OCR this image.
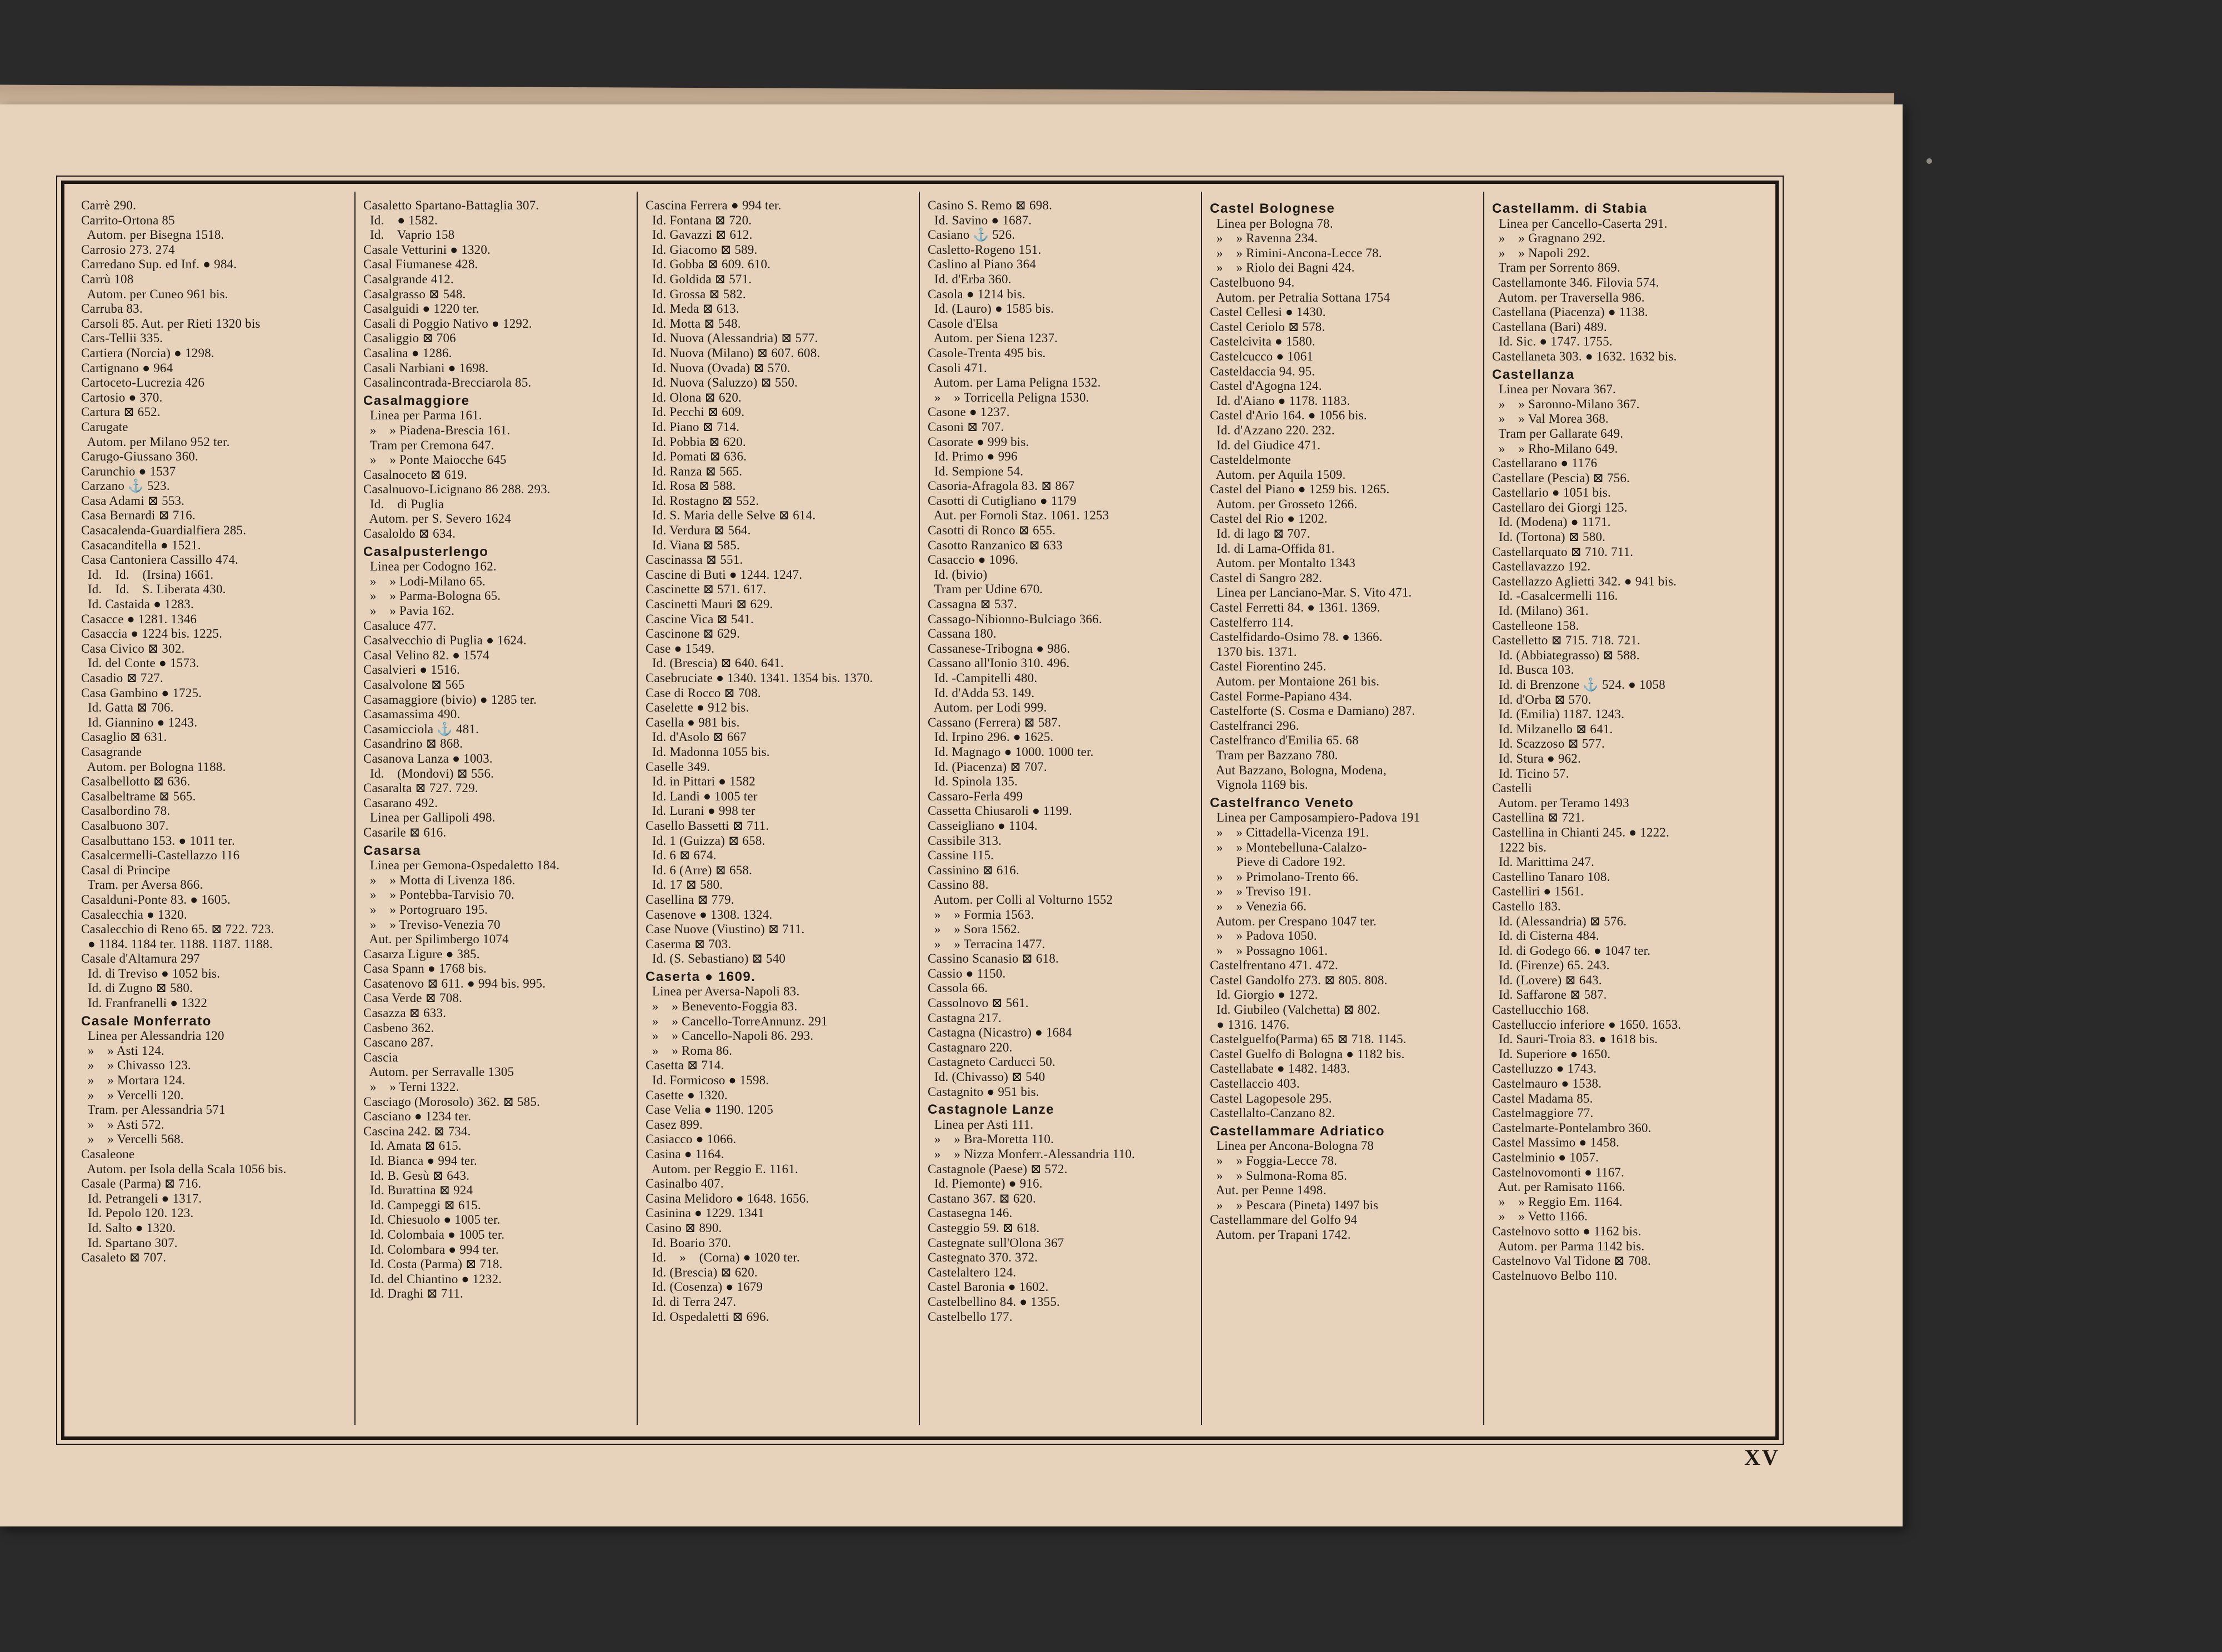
Carrè 290.
Carrito-Ortona 85
Autom. per Bisegna 1518.
Carrosio 273. 274
Carredano Sup. ed Inf. ● 984.
Carrù 108
Autom. per Cuneo 961 bis.
Carruba 83.
Carsoli 85. Aut. per Rieti 1320 bis
Cars-Tellii 335.
Cartiera (Norcia) ● 1298.
Cartignano ● 964
Cartoceto-Lucrezia 426
Cartosio ● 370.
Cartura ⊠ 652.
Carugate
Autom. per Milano 952 ter.
Carugo-Giussano 360.
Carunchio ● 1537
Carzano ⚓ 523.
Casa Adami ⊠ 553.
Casa Bernardi ⊠ 716.
Casacalenda-Guardialfiera 285.
Casacanditella ● 1521.
Casa Cantoniera Cassillo 474.
Id.    Id.    (Irsina) 1661.
Id.    Id.    S. Liberata 430.
Id. Castaida ● 1283.
Casacce ● 1281. 1346
Casaccia ● 1224 bis. 1225.
Casa Civico ⊠ 302.
Id. del Conte ● 1573.
Casadio ⊠ 727.
Casa Gambino ● 1725.
Id. Gatta ⊠ 706.
Id. Giannino ● 1243.
Casaglio ⊠ 631.
Casagrande
Autom. per Bologna 1188.
Casalbellotto ⊠ 636.
Casalbeltrame ⊠ 565.
Casalbordino 78.
Casalbuono 307.
Casalbuttano 153. ● 1011 ter.
Casalcermelli-Castellazzo 116
Casal di Principe
Tram. per Aversa 866.
Casalduni-Ponte 83. ● 1605.
Casalecchia ● 1320.
Casalecchio di Reno 65. ⊠ 722. 723.
● 1184. 1184 ter. 1188. 1187. 1188.
Casale d'Altamura 297
Id. di Treviso ● 1052 bis.
Id. di Zugno ⊠ 580.
Id. Franfranelli ● 1322
Casale Monferrato
Linea per Alessandria 120
»    » Asti 124.
»    » Chivasso 123.
»    » Mortara 124.
»    » Vercelli 120.
Tram. per Alessandria 571
»    » Asti 572.
»    » Vercelli 568.
Casaleone
Autom. per Isola della Scala 1056 bis.
Casale (Parma) ⊠ 716.
Id. Petrangeli ● 1317.
Id. Pepolo 120. 123.
Id. Salto ● 1320.
Id. Spartano 307.
Casaleto ⊠ 707.
Casaletto Spartano-Battaglia 307.
Id.    ● 1582.
Id.    Vaprio 158
Casale Vetturini ● 1320.
Casal Fiumanese 428.
Casalgrande 412.
Casalgrasso ⊠ 548.
Casalguidi ● 1220 ter.
Casali di Poggio Nativo ● 1292.
Casaliggio ⊠ 706
Casalina ● 1286.
Casali Narbiani ● 1698.
Casalincontrada-Brecciarola 85.
Casalmaggiore
Linea per Parma 161.
»    » Piadena-Brescia 161.
Tram per Cremona 647.
»    » Ponte Maiocche 645
Casalnoceto ⊠ 619.
Casalnuovo-Licignano 86 288. 293.
Id.    di Puglia
Autom. per S. Severo 1624
Casaloldo ⊠ 634.
Casalpusterlengo
Linea per Codogno 162.
»    » Lodi-Milano 65.
»    » Parma-Bologna 65.
»    » Pavia 162.
Casaluce 477.
Casalvecchio di Puglia ● 1624.
Casal Velino 82. ● 1574
Casalvieri ● 1516.
Casalvolone ⊠ 565
Casamaggiore (bivio) ● 1285 ter.
Casamassima 490.
Casamicciola ⚓ 481.
Casandrino ⊠ 868.
Casanova Lanza ● 1003.
Id.    (Mondovi) ⊠ 556.
Casaralta ⊠ 727. 729.
Casarano 492.
Linea per Gallipoli 498.
Casarile ⊠ 616.
Casarsa
Linea per Gemona-Ospedaletto 184.
»    » Motta di Livenza 186.
»    » Pontebba-Tarvisio 70.
»    » Portogruaro 195.
»    » Treviso-Venezia 70
Aut. per Spilimbergo 1074
Casarza Ligure ● 385.
Casa Spann ● 1768 bis.
Casatenovo ⊠ 611. ● 994 bis. 995.
Casa Verde ⊠ 708.
Casazza ⊠ 633.
Casbeno 362.
Cascano 287.
Cascia
Autom. per Serravalle 1305
»    » Terni 1322.
Casciago (Morosolo) 362. ⊠ 585.
Casciano ● 1234 ter.
Cascina 242. ⊠ 734.
Id. Amata ⊠ 615.
Id. Bianca ● 994 ter.
Id. B. Gesù ⊠ 643.
Id. Burattina ⊠ 924
Id. Campeggi ⊠ 615.
Id. Chiesuolo ● 1005 ter.
Id. Colombaia ● 1005 ter.
Id. Colombara ● 994 ter.
Id. Costa (Parma) ⊠ 718.
Id. del Chiantino ● 1232.
Id. Draghi ⊠ 711.
Cascina Ferrera ● 994 ter.
Id. Fontana ⊠ 720.
Id. Gavazzi ⊠ 612.
Id. Giacomo ⊠ 589.
Id. Gobba ⊠ 609. 610.
Id. Goldida ⊠ 571.
Id. Grossa ⊠ 582.
Id. Meda ⊠ 613.
Id. Motta ⊠ 548.
Id. Nuova (Alessandria) ⊠ 577.
Id. Nuova (Milano) ⊠ 607. 608.
Id. Nuova (Ovada) ⊠ 570.
Id. Nuova (Saluzzo) ⊠ 550.
Id. Olona ⊠ 620.
Id. Pecchi ⊠ 609.
Id. Piano ⊠ 714.
Id. Pobbia ⊠ 620.
Id. Pomati ⊠ 636.
Id. Ranza ⊠ 565.
Id. Rosa ⊠ 588.
Id. Rostagno ⊠ 552.
Id. S. Maria delle Selve ⊠ 614.
Id. Verdura ⊠ 564.
Id. Viana ⊠ 585.
Cascinassa ⊠ 551.
Cascine di Buti ● 1244. 1247.
Cascinette ⊠ 571. 617.
Cascinetti Mauri ⊠ 629.
Cascine Vica ⊠ 541.
Cascinone ⊠ 629.
Case ● 1549.
Id. (Brescia) ⊠ 640. 641.
Casebruciate ● 1340. 1341. 1354 bis. 1370.
Case di Rocco ⊠ 708.
Caselette ● 912 bis.
Casella ● 981 bis.
Id. d'Asolo ⊠ 667
Id. Madonna 1055 bis.
Caselle 349.
Id. in Pittari ● 1582
Id. Landi ● 1005 ter
Id. Lurani ● 998 ter
Casello Bassetti ⊠ 711.
Id. 1 (Guizza) ⊠ 658.
Id. 6 ⊠ 674.
Id. 6 (Arre) ⊠ 658.
Id. 17 ⊠ 580.
Casellina ⊠ 779.
Casenove ● 1308. 1324.
Case Nuove (Viustino) ⊠ 711.
Caserma ⊠ 703.
Id. (S. Sebastiano) ⊠ 540
Caserta ● 1609.
Linea per Aversa-Napoli 83.
»    » Benevento-Foggia 83.
»    » Cancello-TorreAnnunz. 291
»    » Cancello-Napoli 86. 293.
»    » Roma 86.
Casetta ⊠ 714.
Id. Formicoso ● 1598.
Casette ● 1320.
Case Velia ● 1190. 1205
Casez 899.
Casiacco ● 1066.
Casina ● 1164.
Autom. per Reggio E. 1161.
Casinalbo 407.
Casina Melidoro ● 1648. 1656.
Casinina ● 1229. 1341
Casino ⊠ 890.
Id. Boario 370.
Id.    »    (Corna) ● 1020 ter.
Id. (Brescia) ⊠ 620.
Id. (Cosenza) ● 1679
Id. di Terra 247.
Id. Ospedaletti ⊠ 696.
Casino S. Remo ⊠ 698.
Id. Savino ● 1687.
Casiano ⚓ 526.
Casletto-Rogeno 151.
Caslino al Piano 364
Id. d'Erba 360.
Casola ● 1214 bis.
Id. (Lauro) ● 1585 bis.
Casole d'Elsa
Autom. per Siena 1237.
Casole-Trenta 495 bis.
Casoli 471.
Autom. per Lama Peligna 1532.
»    » Torricella Peligna 1530.
Casone ● 1237.
Casoni ⊠ 707.
Casorate ● 999 bis.
Id. Primo ● 996
Id. Sempione 54.
Casoria-Afragola 83. ⊠ 867
Casotti di Cutigliano ● 1179
Aut. per Fornoli Staz. 1061. 1253
Casotti di Ronco ⊠ 655.
Casotto Ranzanico ⊠ 633
Casaccio ● 1096.
Id. (bivio)
Tram per Udine 670.
Cassagna ⊠ 537.
Cassago-Nibionno-Bulciago 366.
Cassana 180.
Cassanese-Tribogna ● 986.
Cassano all'Ionio 310. 496.
Id. -Campitelli 480.
Id. d'Adda 53. 149.
Autom. per Lodi 999.
Cassano (Ferrera) ⊠ 587.
Id. Irpino 296. ● 1625.
Id. Magnago ● 1000. 1000 ter.
Id. (Piacenza) ⊠ 707.
Id. Spinola 135.
Cassaro-Ferla 499
Cassetta Chiusaroli ● 1199.
Casseigliano ● 1104.
Cassibile 313.
Cassine 115.
Cassinino ⊠ 616.
Cassino 88.
Autom. per Colli al Volturno 1552
»    » Formia 1563.
»    » Sora 1562.
»    » Terracina 1477.
Cassino Scanasio ⊠ 618.
Cassio ● 1150.
Cassola 66.
Cassolnovo ⊠ 561.
Castagna 217.
Castagna (Nicastro) ● 1684
Castagnaro 220.
Castagneto Carducci 50.
Id. (Chivasso) ⊠ 540
Castagnito ● 951 bis.
Castagnole Lanze
Linea per Asti 111.
»    » Bra-Moretta 110.
»    » Nizza Monferr.-Alessandria 110.
Castagnole (Paese) ⊠ 572.
Id. Piemonte) ● 916.
Castano 367. ⊠ 620.
Castasegna 146.
Casteggio 59. ⊠ 618.
Castegnate sull'Olona 367
Castegnato 370. 372.
Castelaltero 124.
Castel Baronia ● 1602.
Castelbellino 84. ● 1355.
Castelbello 177.
Castel Bolognese
Linea per Bologna 78.
»    » Ravenna 234.
»    » Rimini-Ancona-Lecce 78.
»    » Riolo dei Bagni 424.
Castelbuono 94.
Autom. per Petralia Sottana 1754
Castel Cellesi ● 1430.
Castel Ceriolo ⊠ 578.
Castelcivita ● 1580.
Castelcucco ● 1061
Casteldaccia 94. 95.
Castel d'Agogna 124.
Id. d'Aiano ● 1178. 1183.
Castel d'Ario 164. ● 1056 bis.
Id. d'Azzano 220. 232.
Id. del Giudice 471.
Casteldelmonte
Autom. per Aquila 1509.
Castel del Piano ● 1259 bis. 1265.
Autom. per Grosseto 1266.
Castel del Rio ● 1202.
Id. di lago ⊠ 707.
Id. di Lama-Offida 81.
Autom. per Montalto 1343
Castel di Sangro 282.
Linea per Lanciano-Mar. S. Vito 471.
Castel Ferretti 84. ● 1361. 1369.
Castelferro 114.
Castelfidardo-Osimo 78. ● 1366.
1370 bis. 1371.
Castel Fiorentino 245.
Autom. per Montaione 261 bis.
Castel Forme-Papiano 434.
Castelforte (S. Cosma e Damiano) 287.
Castelfranci 296.
Castelfranco d'Emilia 65. 68
Tram per Bazzano 780.
Aut Bazzano, Bologna, Modena,
Vignola 1169 bis.
Castelfranco Veneto
Linea per Camposampiero-Padova 191
»    » Cittadella-Vicenza 191.
»    » Montebelluna-Calalzo-
Pieve di Cadore 192.
»    » Primolano-Trento 66.
»    » Treviso 191.
»    » Venezia 66.
Autom. per Crespano 1047 ter.
»    » Padova 1050.
»    » Possagno 1061.
Castelfrentano 471. 472.
Castel Gandolfo 273. ⊠ 805. 808.
Id. Giorgio ● 1272.
Id. Giubileo (Valchetta) ⊠ 802.
● 1316. 1476.
Castelguelfo(Parma) 65 ⊠ 718. 1145.
Castel Guelfo di Bologna ● 1182 bis.
Castellabate ● 1482. 1483.
Castellaccio 403.
Castel Lagopesole 295.
Castellalto-Canzano 82.
Castellammare Adriatico
Linea per Ancona-Bologna 78
»    » Foggia-Lecce 78.
»    » Sulmona-Roma 85.
Aut. per Penne 1498.
»    » Pescara (Pineta) 1497 bis
Castellammare del Golfo 94
Autom. per Trapani 1742.
Castellamm. di Stabia
Linea per Cancello-Caserta 291.
»    » Gragnano 292.
»    » Napoli 292.
Tram per Sorrento 869.
Castellamonte 346. Filovia 574.
Autom. per Traversella 986.
Castellana (Piacenza) ● 1138.
Castellana (Bari) 489.
Id. Sic. ● 1747. 1755.
Castellaneta 303. ● 1632. 1632 bis.
Castellanza
Linea per Novara 367.
»    » Saronno-Milano 367.
»    » Val Morea 368.
Tram per Gallarate 649.
»    » Rho-Milano 649.
Castellarano ● 1176
Castellare (Pescia) ⊠ 756.
Castellario ● 1051 bis.
Castellaro dei Giorgi 125.
Id. (Modena) ● 1171.
Id. (Tortona) ⊠ 580.
Castellarquato ⊠ 710. 711.
Castellavazzo 192.
Castellazzo Aglietti 342. ● 941 bis.
Id. -Casalcermelli 116.
Id. (Milano) 361.
Castelleone 158.
Castelletto ⊠ 715. 718. 721.
Id. (Abbiategrasso) ⊠ 588.
Id. Busca 103.
Id. di Brenzone ⚓ 524. ● 1058
Id. d'Orba ⊠ 570.
Id. (Emilia) 1187. 1243.
Id. Milzanello ⊠ 641.
Id. Scazzoso ⊠ 577.
Id. Stura ● 962.
Id. Ticino 57.
Castelli
Autom. per Teramo 1493
Castellina ⊠ 721.
Castellina in Chianti 245. ● 1222.
1222 bis.
Id. Marittima 247.
Castellino Tanaro 108.
Castelliri ● 1561.
Castello 183.
Id. (Alessandria) ⊠ 576.
Id. di Cisterna 484.
Id. di Godego 66. ● 1047 ter.
Id. (Firenze) 65. 243.
Id. (Lovere) ⊠ 643.
Id. Saffarone ⊠ 587.
Castellucchio 168.
Castelluccio inferiore ● 1650. 1653.
Id. Sauri-Troia 83. ● 1618 bis.
Id. Superiore ● 1650.
Castelluzzo ● 1743.
Castelmauro ● 1538.
Castel Madama 85.
Castelmaggiore 77.
Castelmarte-Pontelambro 360.
Castel Massimo ● 1458.
Castelminio ● 1057.
Castelnovomonti ● 1167.
Aut. per Ramisato 1166.
»    » Reggio Em. 1164.
»    » Vetto 1166.
Castelnovo sotto ● 1162 bis.
Autom. per Parma 1142 bis.
Castelnovo Val Tidone ⊠ 708.
Castelnuovo Belbo 110.
XV
